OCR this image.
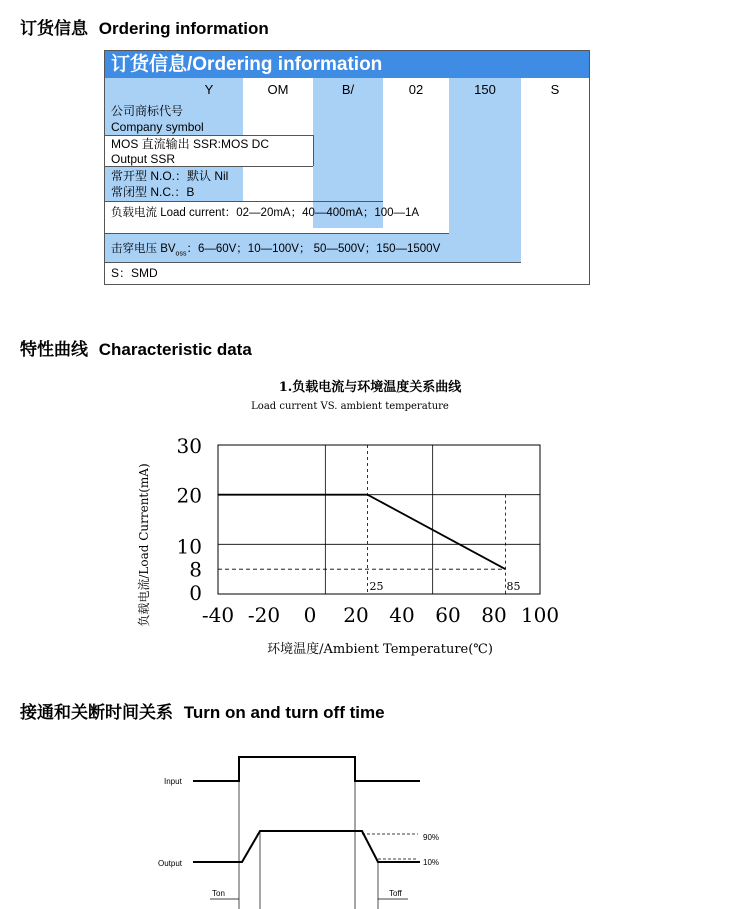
订货信息 Ordering information
特性曲线 Characteristic data
接通和关断时间关系 Turn on and turn off time
订货信息/Ordering information
Y	OM	B/	02	150	S
公司商标代号
Company symbol
MOS 直流输出 SSR:MOS DC
Output SSR
常开型 N.O.：默认 Nil
常闭型 N.C.：B
负载电流 Load current：02—20mA；40—400mA；100—1A
击穿电压 $BV_{oss}$：6—60V；10—100V； 50—500V；150—1500V
S：SMD
1.负载电流与环境温度关系曲线
Load current VS. ambient temperature
25	85
-40 -20 0 20 40 60 80 100
0
8
10
20
30
环境温度/Ambient Temperature(℃)
负载电流/Load Current(mA)
Input
Output
90%
10%
Ton	Toff
